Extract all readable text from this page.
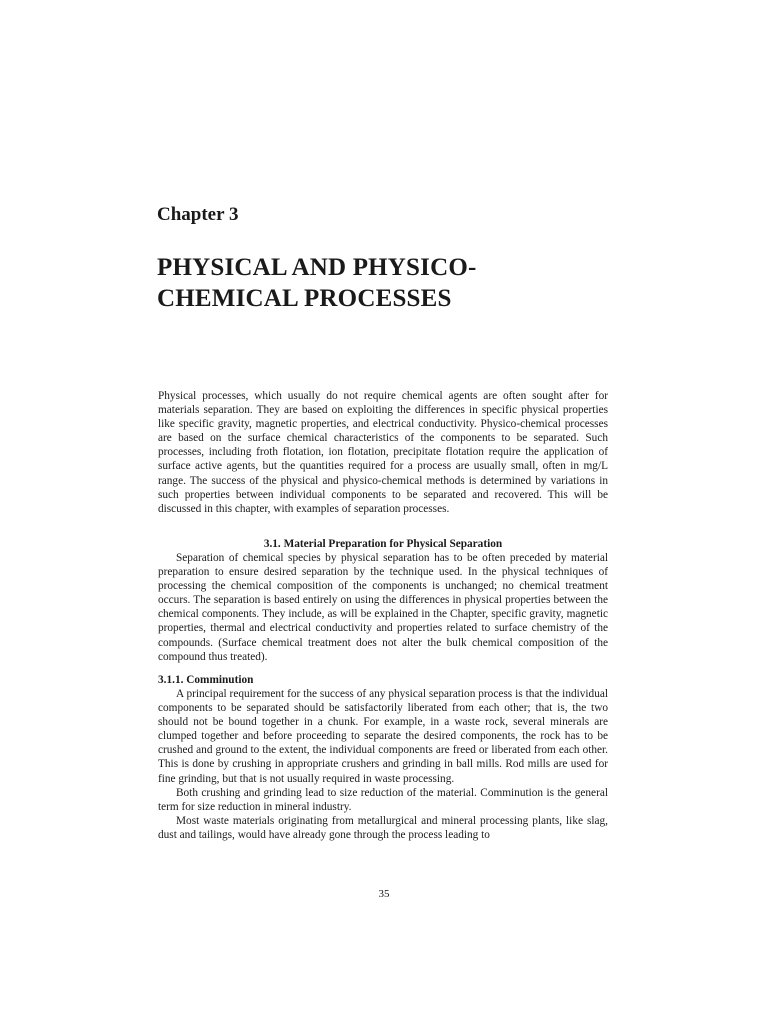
Chapter 3
PHYSICAL AND PHYSICO-
CHEMICAL PROCESSES

Physical processes, which usually do not require chemical agents are often sought after for materials separation. They are based on exploiting the differences in specific physical properties like specific gravity, magnetic properties, and electrical conductivity. Physico-chemical processes are based on the surface chemical characteristics of the components to be separated. Such processes, including froth flotation, ion flotation, precipitate flotation require the application of surface active agents, but the quantities required for a process are usually small, often in mg/L range. The success of the physical and physico-chemical methods is determined by variations in such properties between individual components to be separated and recovered. This will be discussed in this chapter, with examples of separation processes.

3.1. Material Preparation for Physical Separation

Separation of chemical species by physical separation has to be often preceded by material preparation to ensure desired separation by the technique used. In the physical techniques of processing the chemical composition of the components is unchanged; no chemical treatment occurs. The separation is based entirely on using the differences in physical properties between the chemical components. They include, as will be explained in the Chapter, specific gravity, magnetic properties, thermal and electrical conductivity and properties related to surface chemistry of the compounds. (Surface chemical treatment does not alter the bulk chemical composition of the compound thus treated).

3.1.1. Comminution

A principal requirement for the success of any physical separation process is that the individual components to be separated should be satisfactorily liberated from each other; that is, the two should not be bound together in a chunk. For example, in a waste rock, several minerals are clumped together and before proceeding to separate the desired components, the rock has to be crushed and ground to the extent, the individual components are freed or liberated from each other. This is done by crushing in appropriate crushers and grinding in ball mills. Rod mills are used for fine grinding, but that is not usually required in waste processing.

Both crushing and grinding lead to size reduction of the material. Comminution is the general term for size reduction in mineral industry.

Most waste materials originating from metallurgical and mineral processing plants, like slag, dust and tailings, would have already gone through the process leading to

35
